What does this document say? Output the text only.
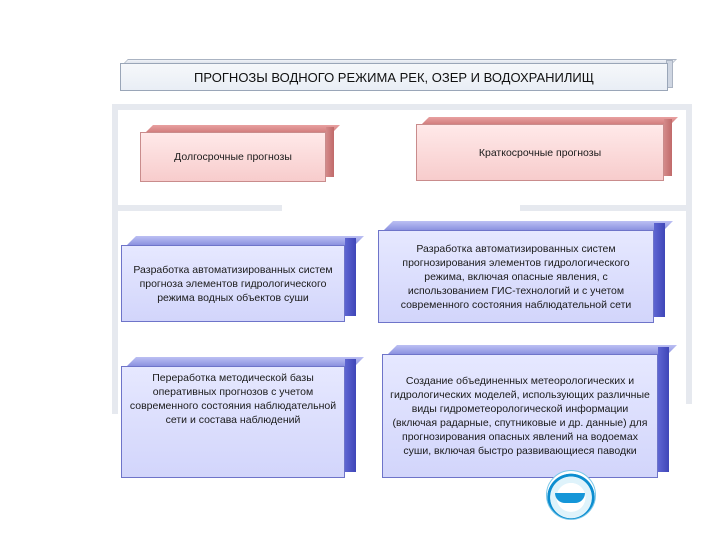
ПРОГНОЗЫ ВОДНОГО РЕЖИМА РЕК, ОЗЕР И ВОДОХРАНИЛИЩ
Долгосрочные прогнозы	Краткосрочные прогнозы
Разработка автоматизированных систем прогноза элементов гидрологического режима водных объектов суши
Переработка методической базы оперативных прогнозов с учетом современного состояния наблюдательной сети и состава наблюдений
Разработка автоматизированных систем прогнозирования элементов гидрологического режима, включая опасные явления, с использованием ГИС-технологий и с учетом современного состояния наблюдательной сети
Создание объединенных метеорологических и гидрологических моделей, использующих различные виды гидрометеорологической информации (включая радарные, спутниковые и др. данные) для прогнозирования опасных явлений на водоемах суши, включая быстро развивающиеся паводки
